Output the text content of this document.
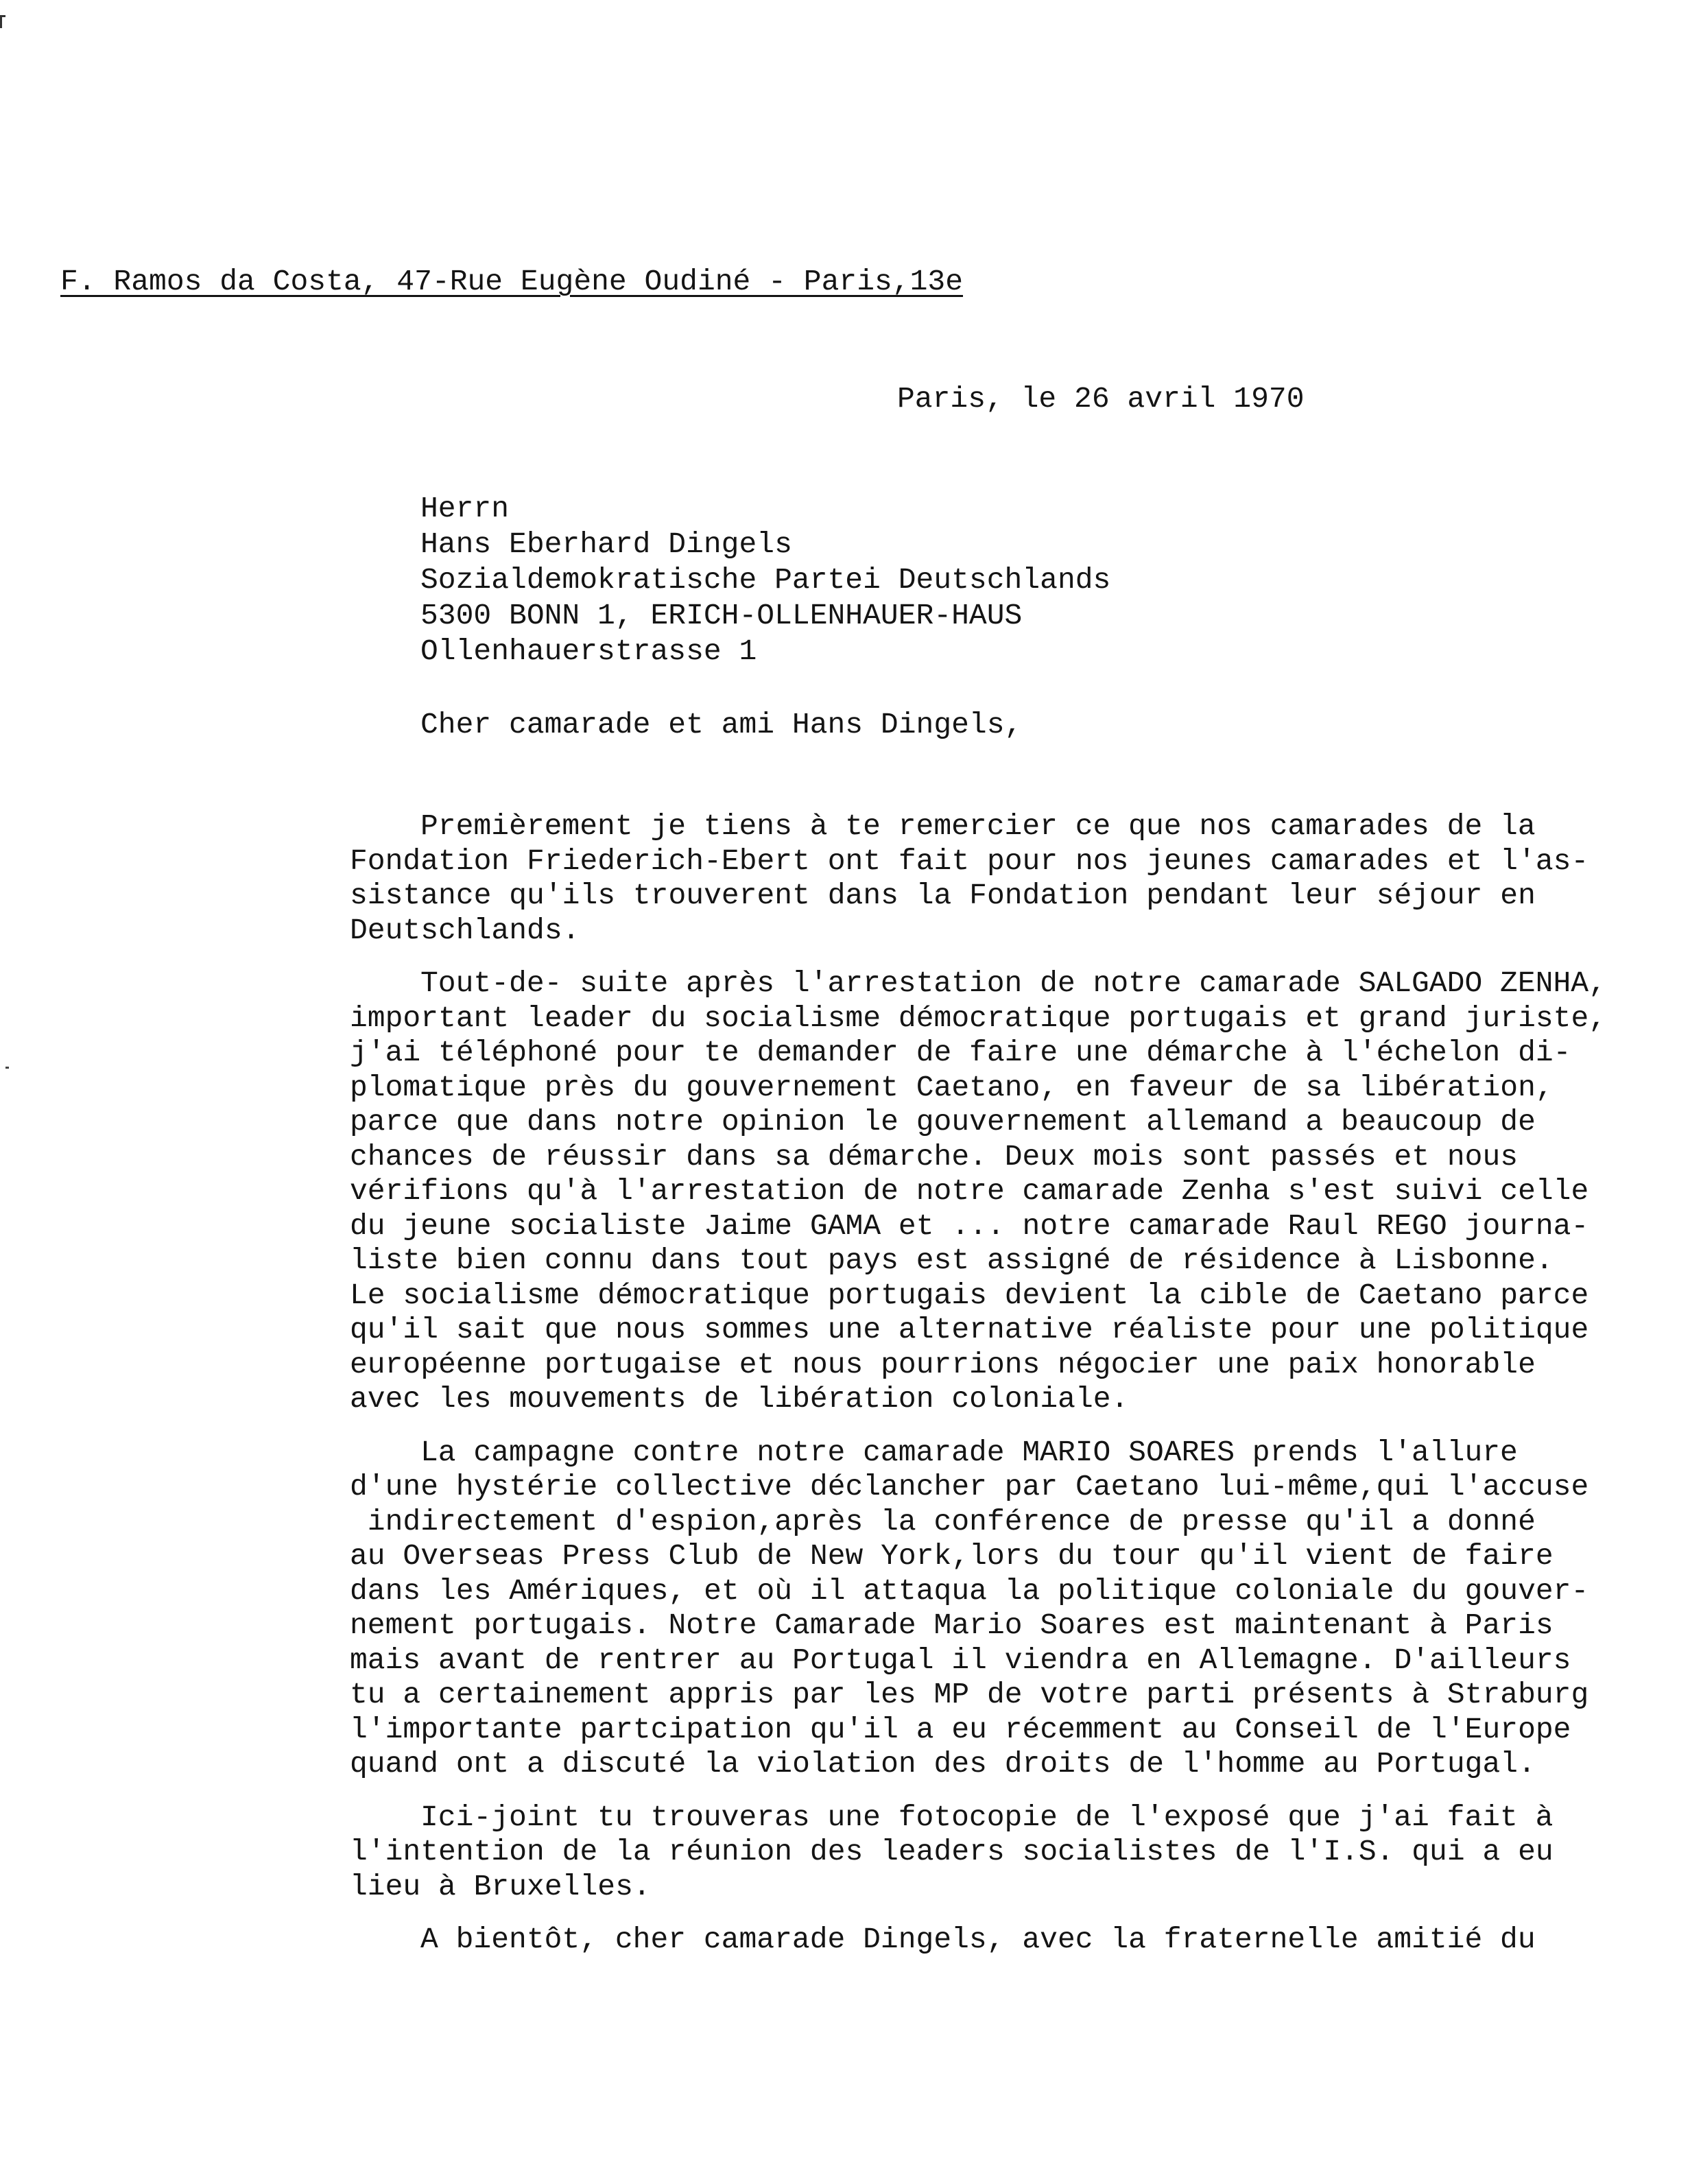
F. Ramos da Costa, 47-Rue Eugène Oudiné - Paris,13e
Paris, le 26 avril 1970
Herrn
Hans Eberhard Dingels
Sozialdemokratische Partei Deutschlands
5300 BONN 1, ERICH-OLLENHAUER-HAUS
Ollenhauerstrasse 1
Cher camarade et ami Hans Dingels,
Premièrement je tiens à te remercier ce que nos camarades de la
Fondation Friederich-Ebert ont fait pour nos jeunes camarades et l'as-
sistance qu'ils trouverent dans la Fondation pendant leur séjour en
Deutschlands.
Tout-de- suite après l'arrestation de notre camarade SALGADO ZENHA,
important leader du socialisme démocratique portugais et grand juriste,
j'ai téléphoné pour te demander de faire une démarche à l'échelon di-
plomatique près du gouvernement Caetano, en faveur de sa libération,
parce que dans notre opinion le gouvernement allemand a beaucoup de
chances de réussir dans sa démarche. Deux mois sont passés et nous
vérifions qu'à l'arrestation de notre camarade Zenha s'est suivi celle
du jeune socialiste Jaime GAMA et ... notre camarade Raul REGO journa-
liste bien connu dans tout pays est assigné de résidence à Lisbonne.
Le socialisme démocratique portugais devient la cible de Caetano parce
qu'il sait que nous sommes une alternative réaliste pour une politique
européenne portugaise et nous pourrions négocier une paix honorable
avec les mouvements de libération coloniale.
La campagne contre notre camarade MARIO SOARES prends l'allure
d'une hystérie collective déclancher par Caetano lui-même,qui l'accuse
indirectement d'espion,après la conférence de presse qu'il a donné
au Overseas Press Club de New York,lors du tour qu'il vient de faire
dans les Amériques, et où il attaqua la politique coloniale du gouver-
nement portugais. Notre Camarade Mario Soares est maintenant à Paris
mais avant de rentrer au Portugal il viendra en Allemagne. D'ailleurs
tu a certainement appris par les MP de votre parti présents à Straburg
l'importante partcipation qu'il a eu récemment au Conseil de l'Europe
quand ont a discuté la violation des droits de l'homme au Portugal.
Ici-joint tu trouveras une fotocopie de l'exposé que j'ai fait à
l'intention de la réunion des leaders socialistes de l'I.S. qui a eu
lieu à Bruxelles.
A bientôt, cher camarade Dingels, avec la fraternelle amitié du
